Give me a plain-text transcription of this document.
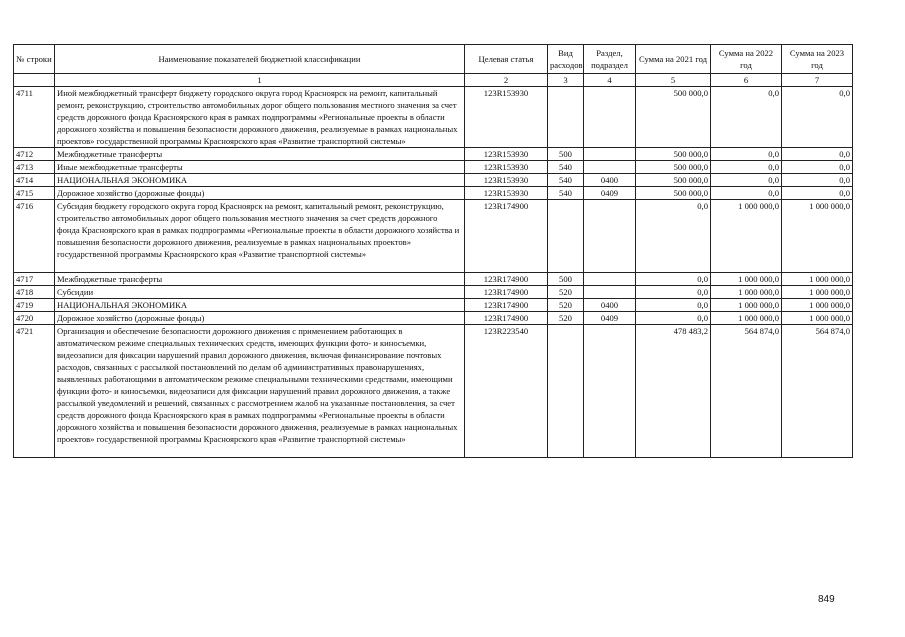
№ строки	Наименование показателей бюджетной классификации	Целевая статья	Вид расходов	Раздел, подраздел	Сумма на 2021 год	Сумма на 2022 год	Сумма на 2023 год
	1	2	3	4	5	6	7
4711	Иной межбюджетный трансферт бюджету городского округа город Красноярск на ремонт, капитальный ремонт, реконструкцию, строительство автомобильных дорог общего пользования местного значения за счет средств дорожного фонда Красноярского края в рамках подпрограммы «Региональные проекты в области дорожного хозяйства и повышения безопасности дорожного движения, реализуемые в рамках национальных проектов» государственной программы Красноярского края «Развитие транспортной системы»	123R153930			500 000,0	0,0	0,0
4712	Межбюджетные трансферты	123R153930	500		500 000,0	0,0	0,0
4713	Иные межбюджетные трансферты	123R153930	540		500 000,0	0,0	0,0
4714	НАЦИОНАЛЬНАЯ ЭКОНОМИКА	123R153930	540	0400	500 000,0	0,0	0,0
4715	Дорожное хозяйство (дорожные фонды)	123R153930	540	0409	500 000,0	0,0	0,0
4716	Субсидия бюджету городского округа город Красноярск на ремонт, капитальный ремонт, реконструкцию, строительство автомобильных дорог общего пользования местного значения за счет средств дорожного фонда Красноярского края в рамках подпрограммы «Региональные проекты в области дорожного хозяйства и повышения безопасности дорожного движения, реализуемые в рамках национальных проектов» государственной программы Красноярского края «Развитие транспортной системы»	123R174900			0,0	1 000 000,0	1 000 000,0
4717	Межбюджетные трансферты	123R174900	500		0,0	1 000 000,0	1 000 000,0
4718	Субсидии	123R174900	520		0,0	1 000 000,0	1 000 000,0
4719	НАЦИОНАЛЬНАЯ ЭКОНОМИКА	123R174900	520	0400	0,0	1 000 000,0	1 000 000,0
4720	Дорожное хозяйство (дорожные фонды)	123R174900	520	0409	0,0	1 000 000,0	1 000 000,0
4721	Организация и обеспечение безопасности дорожного движения с применением работающих в автоматическом режиме специальных технических средств, имеющих функции фото- и киносъемки, видеозаписи для фиксации нарушений правил дорожного движения, включая финансирование почтовых расходов, связанных с рассылкой постановлений по делам об административных правонарушениях, выявленных работающими в автоматическом режиме специальными техническими средствами, имеющими функции фото- и киносъемки, видеозаписи для фиксации нарушений правил дорожного движения, а также рассылкой уведомлений и решений, связанных с рассмотрением жалоб на указанные постановления, за счет средств дорожного фонда Красноярского края в рамках подпрограммы «Региональные проекты в области дорожного хозяйства и повышения безопасности дорожного движения, реализуемые в рамках национальных проектов» государственной программы Красноярского края «Развитие транспортной системы»	123R223540			478 483,2	564 874,0	564 874,0
849
